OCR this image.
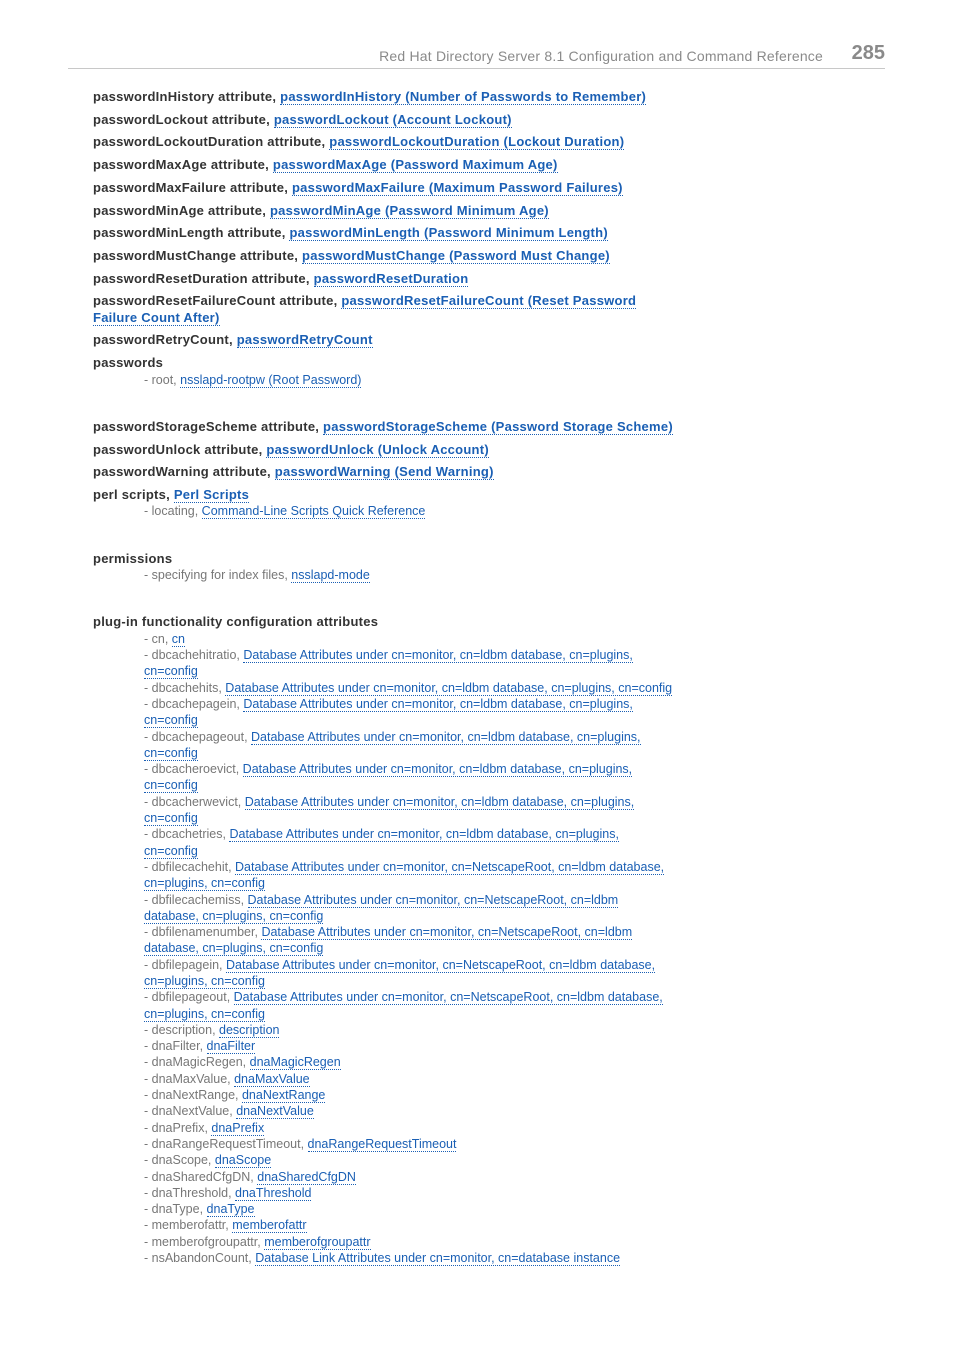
Red Hat Directory Server 8.1 Configuration and Command Reference 285
passwordInHistory attribute, passwordInHistory (Number of Passwords to Remember)
passwordLockout attribute, passwordLockout (Account Lockout)
passwordLockoutDuration attribute, passwordLockoutDuration (Lockout Duration)
passwordMaxAge attribute, passwordMaxAge (Password Maximum Age)
passwordMaxFailure attribute, passwordMaxFailure (Maximum Password Failures)
passwordMinAge attribute, passwordMinAge (Password Minimum Age)
passwordMinLength attribute, passwordMinLength (Password Minimum Length)
passwordMustChange attribute, passwordMustChange (Password Must Change)
passwordResetDuration attribute, passwordResetDuration
passwordResetFailureCount attribute, passwordResetFailureCount (Reset Password Failure Count After)
passwordRetryCount, passwordRetryCount
passwords
- root, nsslapd-rootpw (Root Password)
passwordStorageScheme attribute, passwordStorageScheme (Password Storage Scheme)
passwordUnlock attribute, passwordUnlock (Unlock Account)
passwordWarning attribute, passwordWarning (Send Warning)
perl scripts, Perl Scripts
- locating, Command-Line Scripts Quick Reference
permissions
- specifying for index files, nsslapd-mode
plug-in functionality configuration attributes
- cn, cn
- dbcachehitratio, Database Attributes under cn=monitor, cn=ldbm database, cn=plugins, cn=config
- dbcachehits, Database Attributes under cn=monitor, cn=ldbm database, cn=plugins, cn=config
- dbcachepagein, Database Attributes under cn=monitor, cn=ldbm database, cn=plugins, cn=config
- dbcachepageout, Database Attributes under cn=monitor, cn=ldbm database, cn=plugins, cn=config
- dbcacheroevict, Database Attributes under cn=monitor, cn=ldbm database, cn=plugins, cn=config
- dbcacherwevict, Database Attributes under cn=monitor, cn=ldbm database, cn=plugins, cn=config
- dbcachetries, Database Attributes under cn=monitor, cn=ldbm database, cn=plugins, cn=config
- dbfilecachehit, Database Attributes under cn=monitor, cn=NetscapeRoot, cn=ldbm database, cn=plugins, cn=config
- dbfilecachemiss, Database Attributes under cn=monitor, cn=NetscapeRoot, cn=ldbm database, cn=plugins, cn=config
- dbfilenamenumber, Database Attributes under cn=monitor, cn=NetscapeRoot, cn=ldbm database, cn=plugins, cn=config
- dbfilepagein, Database Attributes under cn=monitor, cn=NetscapeRoot, cn=ldbm database, cn=plugins, cn=config
- dbfilepageout, Database Attributes under cn=monitor, cn=NetscapeRoot, cn=ldbm database, cn=plugins, cn=config
- description, description
- dnaFilter, dnaFilter
- dnaMagicRegen, dnaMagicRegen
- dnaMaxValue, dnaMaxValue
- dnaNextRange, dnaNextRange
- dnaNextValue, dnaNextValue
- dnaPrefix, dnaPrefix
- dnaRangeRequestTimeout, dnaRangeRequestTimeout
- dnaScope, dnaScope
- dnaSharedCfgDN, dnaSharedCfgDN
- dnaThreshold, dnaThreshold
- dnaType, dnaType
- memberofattr, memberofattr
- memberofgroupattr, memberofgroupattr
- nsAbandonCount, Database Link Attributes under cn=monitor, cn=database instance
